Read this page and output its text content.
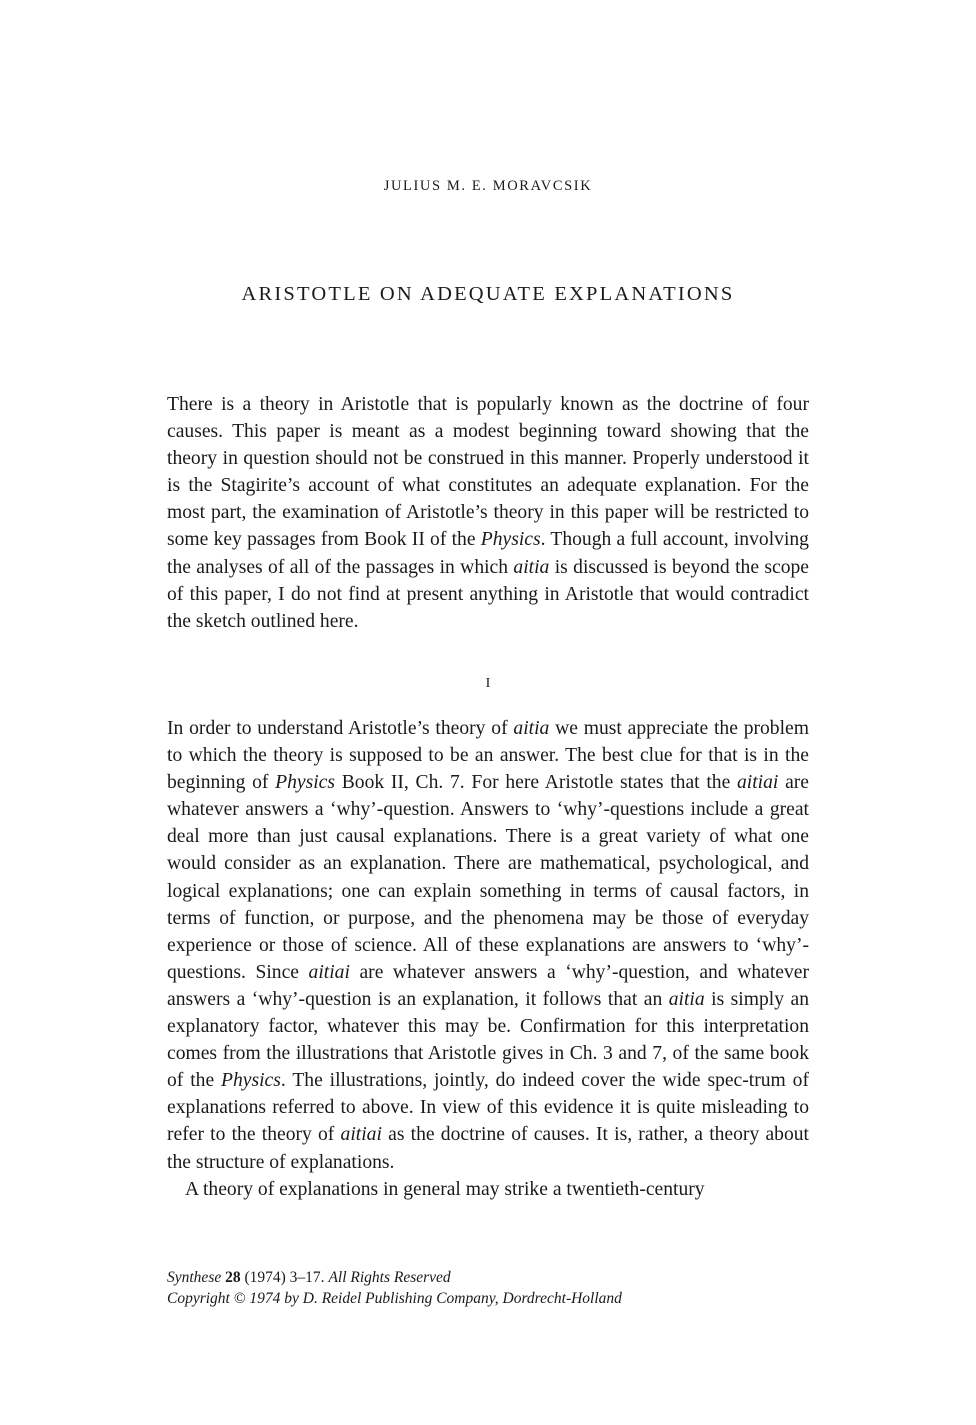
JULIUS M. E. MORAVCSIK
ARISTOTLE ON ADEQUATE EXPLANATIONS

There is a theory in Aristotle that is popularly known as the doctrine of four causes. This paper is meant as a modest beginning toward showing that the theory in question should not be construed in this manner. Properly understood it is the Stagirite’s account of what constitutes an adequate explanation. For the most part, the examination of Aristotle’s theory in this paper will be restricted to some key passages from Book II of the Physics. Though a full account, involving the analyses of all of the passages in which aitia is discussed is beyond the scope of this paper, I do not find at present anything in Aristotle that would contradict the sketch outlined here.

I

In order to understand Aristotle’s theory of aitia we must appreciate the problem to which the theory is supposed to be an answer. The best clue for that is in the beginning of Physics Book II, Ch. 7. For here Aristotle states that the aitiai are whatever answers a ‘why’-question. Answers to ‘why’-questions include a great deal more than just causal explanations. There is a great variety of what one would consider as an explanation. There are mathematical, psychological, and logical explanations; one can explain something in terms of causal factors, in terms of function, or purpose, and the phenomena may be those of everyday experience or those of science. All of these explanations are answers to ‘why’-questions. Since aitiai are whatever answers a ‘why’-question, and whatever answers a ‘why’-question is an explanation, it follows that an aitia is simply an explanatory factor, whatever this may be. Confirmation for this interpretation comes from the illustrations that Aristotle gives in Ch. 3 and 7, of the same book of the Physics. The illustrations, jointly, do indeed cover the wide spec-trum of explanations referred to above. In view of this evidence it is quite misleading to refer to the theory of aitiai as the doctrine of causes. It is, rather, a theory about the structure of explanations.

A theory of explanations in general may strike a twentieth-century

Synthese 28 (1974) 3–17. All Rights Reserved
Copyright © 1974 by D. Reidel Publishing Company, Dordrecht-Holland
